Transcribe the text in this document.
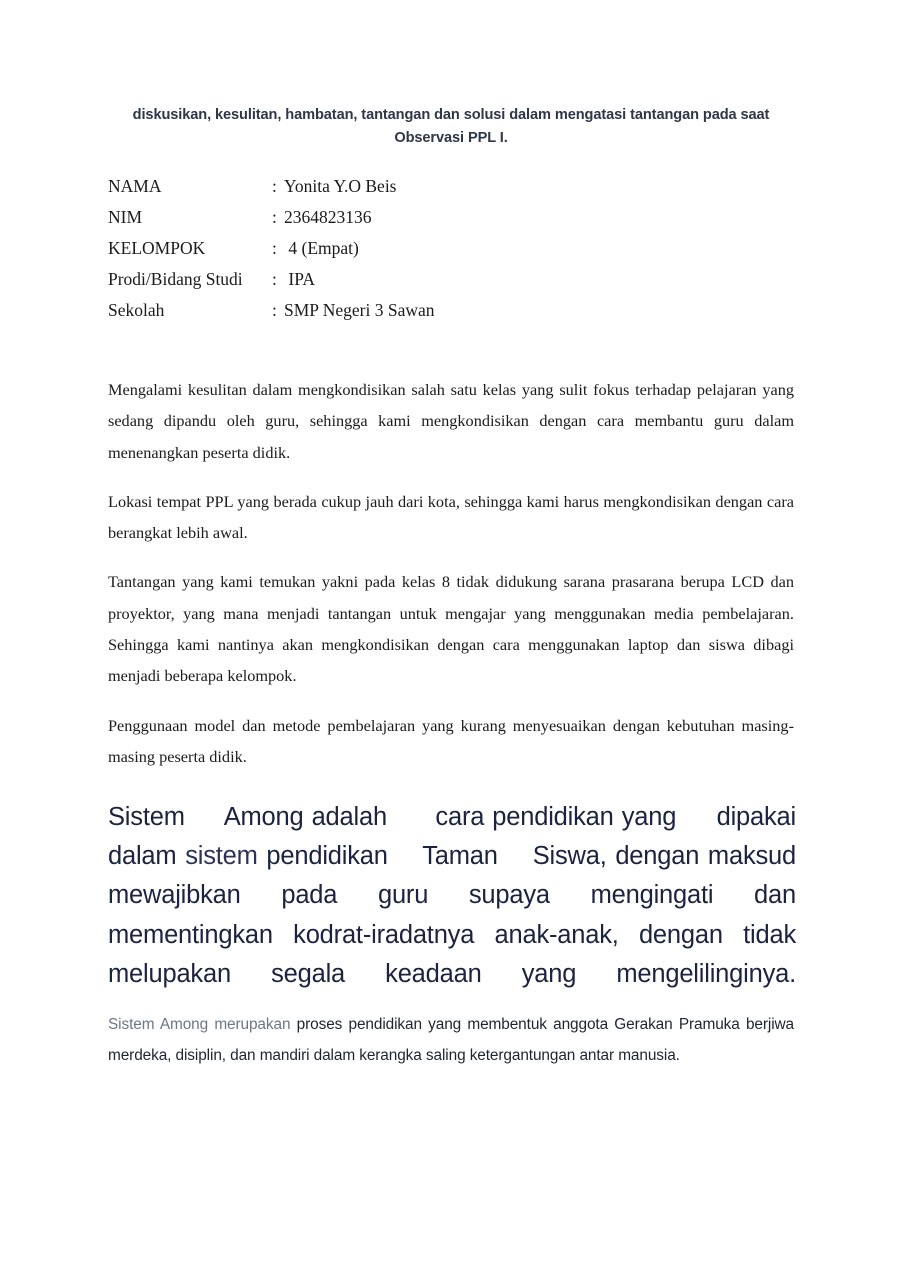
diskusikan, kesulitan, hambatan, tantangan dan solusi dalam mengatasi tantangan pada saat Observasi PPL I.
NAMA	: Yonita Y.O Beis
NIM	: 2364823136
KELOMPOK	: 4 (Empat)
Prodi/Bidang Studi	: IPA
Sekolah	: SMP Negeri 3 Sawan

Mengalami kesulitan dalam mengkondisikan salah satu kelas yang sulit fokus terhadap pelajaran yang sedang dipandu oleh guru, sehingga kami mengkondisikan dengan cara membantu guru dalam menenangkan peserta didik.

Lokasi tempat PPL yang berada cukup jauh dari kota, sehingga kami harus mengkondisikan dengan cara berangkat lebih awal.

Tantangan yang kami temukan yakni pada kelas 8 tidak didukung sarana prasarana berupa LCD dan proyektor, yang mana menjadi tantangan untuk mengajar yang menggunakan media pembelajaran. Sehingga kami nantinya akan mengkondisikan dengan cara menggunakan laptop dan siswa dibagi menjadi beberapa kelompok.

Penggunaan model dan metode pembelajaran yang kurang menyesuaikan dengan kebutuhan masing-masing peserta didik.

Sistem Among adalah cara pendidikan yang dipakai dalam sistem pendidikan Taman Siswa, dengan maksud mewajibkan pada guru supaya mengingati dan mementingkan kodrat-iradatnya anak-anak, dengan tidak melupakan segala keadaan yang mengelilinginya.
Sistem Among merupakan proses pendidikan yang membentuk anggota Gerakan Pramuka berjiwa merdeka, disiplin, dan mandiri dalam kerangka saling ketergantungan antar manusia.
